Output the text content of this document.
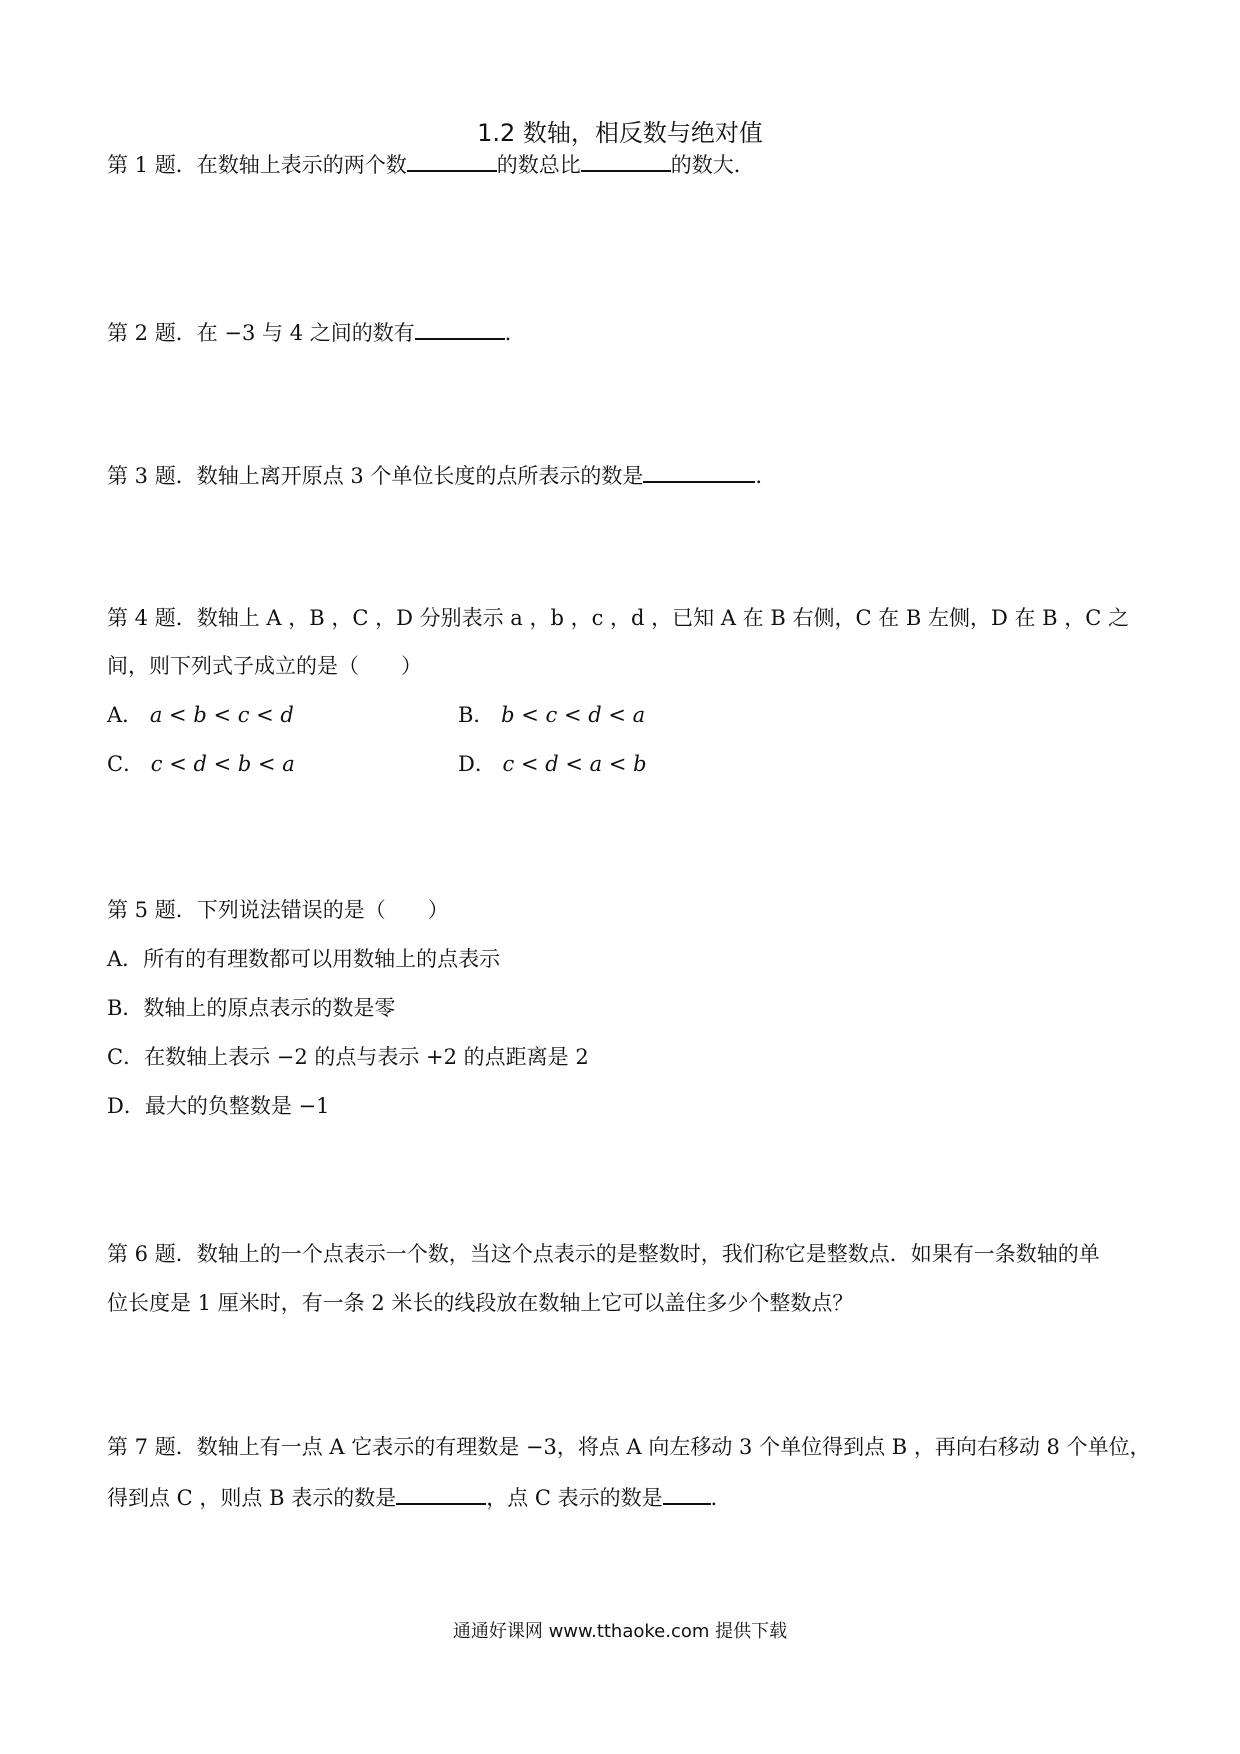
1.2 数轴，相反数与绝对值
第 1 题．在数轴上表示的两个数	的数总比	的数大．
第 2 题．在 −3 与 4 之间的数有	．
第 3 题．数轴上离开原点 3 个单位长度的点所表示的数是	．
第 4 题．数轴上 A ，B ，C ，D 分别表示 a ，b ，c ，d ，已知 A 在 B 右侧，C 在 B 左侧，D 在 B ，C 之
间，则下列式子成立的是（　　）
A． a < b < c < d	B． b < c < d < a
C． c < d < b < a	D． c < d < a < b
第 5 题．下列说法错误的是（　　）
A．所有的有理数都可以用数轴上的点表示
B．数轴上的原点表示的数是零
C．在数轴上表示 −2 的点与表示 +2 的点距离是 2
D．最大的负整数是 −1
第 6 题．数轴上的一个点表示一个数，当这个点表示的是整数时，我们称它是整数点．如果有一条数轴的单
位长度是 1 厘米时，有一条 2 米长的线段放在数轴上它可以盖住多少个整数点？
第 7 题．数轴上有一点 A 它表示的有理数是 −3，将点 A 向左移动 3 个单位得到点 B ，再向右移动 8 个单位，
得到点 C ，则点 B 表示的数是	，点 C 表示的数是 ．
通通好课网 www.tthaoke.com 提供下载
